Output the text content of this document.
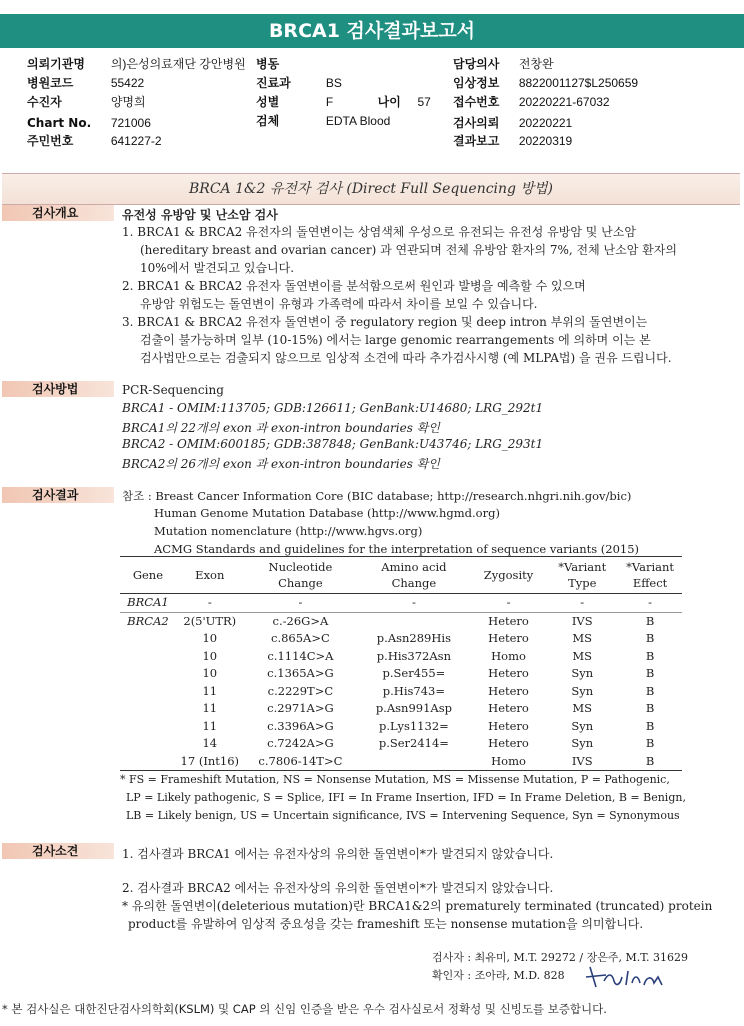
BRCA1 검사결과보고서
의뢰기관명 의)은성의료재단 강안병원
병원코드	55422
수진자	양명희
Chart No. 721006
주민번호	641227-2
병동
진료과	BS
성별	F	나이 57
검체	EDTA Blood
담당의사 전창완
임상정보 8822001127$L250659
접수번호 20220221-67032
검사의뢰 20220221
결과보고 20220319
BRCA 1&2 유전자 검사 (Direct Full Sequencing 방법)
검사개요	유전성 유방암 및 난소암 검사
1. BRCA1 & BRCA2 유전자의 돌연변이는 상염색체 우성으로 유전되는 유전성 유방암 및 난소암
(hereditary breast and ovarian cancer) 과 연관되며 전체 유방암 환자의 7%, 전체 난소암 환자의
10%에서 발견되고 있습니다.
2. BRCA1 & BRCA2 유전자 돌연변이를 분석함으로써 원인과 발병을 예측할 수 있으며
유방암 위험도는 돌연변이 유형과 가족력에 따라서 차이를 보일 수 있습니다.
3. BRCA1 & BRCA2 유전자 돌연변이 중 regulatory region 및 deep intron 부위의 돌연변이는
검출이 불가능하며 일부 (10-15%) 에서는 large genomic rearrangements 에 의하며 이는 본
검사법만으로는 검출되지 않으므로 임상적 소견에 따라 추가검사시행 (예 MLPA법) 을 권유 드립니다.
검사방법	PCR-Sequencing
BRCA1 - OMIM:113705; GDB:126611; GenBank:U14680; LRG_292t1
BRCA1의 22개의 exon 과 exon-intron boundaries 확인
BRCA2 - OMIM:600185; GDB:387848; GenBank:U43746; LRG_293t1
BRCA2의 26개의 exon 과 exon-intron boundaries 확인
검사결과	참조 : Breast Cancer Information Core (BIC database; http://research.nhgri.nih.gov/bic)
Human Genome Mutation Database (http://www.hgmd.org)
Mutation nomenclature (http://www.hgvs.org)
ACMG Standards and guidelines for the interpretation of sequence variants (2015)
Gene	Exon	Nucleotide Change	Amino acid Change	Zygosity	*Variant Type	*Variant Effect
BRCA1	-	-	-	-	-	-
BRCA2	2(5'UTR)	c.-26G>A		Hetero	IVS	B
	10	c.865A>C	p.Asn289His	Hetero	MS	B
	10	c.1114C>A	p.His372Asn	Homo	MS	B
	10	c.1365A>G	p.Ser455=	Hetero	Syn	B
	11	c.2229T>C	p.His743=	Hetero	Syn	B
	11	c.2971A>G	p.Asn991Asp	Hetero	MS	B
	11	c.3396A>G	p.Lys1132=	Hetero	Syn	B
	14	c.7242A>G	p.Ser2414=	Hetero	Syn	B
	17 (Int16)	c.7806-14T>C		Homo	IVS	B
* FS = Frameshift Mutation, NS = Nonsense Mutation, MS = Missense Mutation, P = Pathogenic,
LP = Likely pathogenic, S = Splice, IFI = In Frame Insertion, IFD = In Frame Deletion, B = Benign,
LB = Likely benign, US = Uncertain significance, IVS = Intervening Sequence, Syn = Synonymous
검사소견	1. 검사결과 BRCA1 에서는 유전자상의 유의한 돌연변이*가 발견되지 않았습니다.
2. 검사결과 BRCA2 에서는 유전자상의 유의한 돌연변이*가 발견되지 않았습니다.
* 유의한 돌연변이(deleterious mutation)란 BRCA1&2의 prematurely terminated (truncated) protein
product를 유발하여 임상적 중요성을 갖는 frameshift 또는 nonsense mutation을 의미합니다.
검사자 : 최유미, M.T. 29272 / 장은주, M.T. 31629
확인자 : 조아라, M.D. 828
* 본 검사실은 대한진단검사의학회(KSLM) 및 CAP 의 신임 인증을 받은 우수 검사실로서 정확성 및 신빙도를 보증합니다.
